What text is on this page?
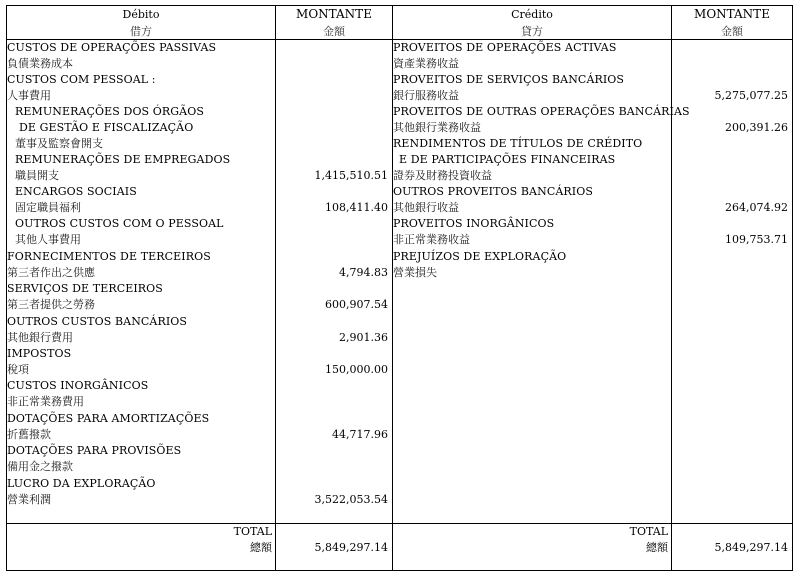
Débito
借方
CUSTOS DE OPERAÇÕES PASSIVAS
負債業務成本
CUSTOS COM PESSOAL :
人事費用
REMUNERAÇÕES DOS ÓRGÃOS
DE GESTÃO E FISCALIZAÇÃO
董事及監察會開支
REMUNERAÇÕES DE EMPREGADOS
職員開支
ENCARGOS SOCIAIS
固定職員福利
OUTROS CUSTOS COM O PESSOAL
其他人事費用
FORNECIMENTOS DE TERCEIROS
第三者作出之供應
SERVIÇOS DE TERCEIROS
第三者提供之勞務
OUTROS CUSTOS BANCÁRIOS
其他銀行費用
IMPOSTOS
稅項
CUSTOS INORGÂNICOS
非正常業務費用
DOTAÇÕES PARA AMORTIZAÇÕES
折舊撥款
DOTAÇÕES PARA PROVISÕES
備用金之撥款
LUCRO DA EXPLORAÇÃO
營業利潤
TOTAL
總額
MONTANTE
金額
1,415,510.51
108,411.40
4,794.83
600,907.54
2,901.36
150,000.00
44,717.96
3,522,053.54
5,849,297.14
Crédito
貸方
PROVEITOS DE OPERAÇÕES ACTIVAS
資產業務收益
PROVEITOS DE SERVIÇOS BANCÁRIOS
銀行服務收益
PROVEITOS DE OUTRAS OPERAÇÕES BANCÁRIAS
其他銀行業務收益
RENDIMENTOS DE TÍTULOS DE CRÉDITO
E DE PARTICIPAÇÕES FINANCEIRAS
證券及財務投資收益
OUTROS PROVEITOS BANCÁRIOS
其他銀行收益
PROVEITOS INORGÂNICOS
非正常業務收益
PREJUÍZOS DE EXPLORAÇÃO
營業損失
TOTAL
總額
MONTANTE
金額
5,275,077.25
200,391.26
264,074.92
109,753.71
5,849,297.14
